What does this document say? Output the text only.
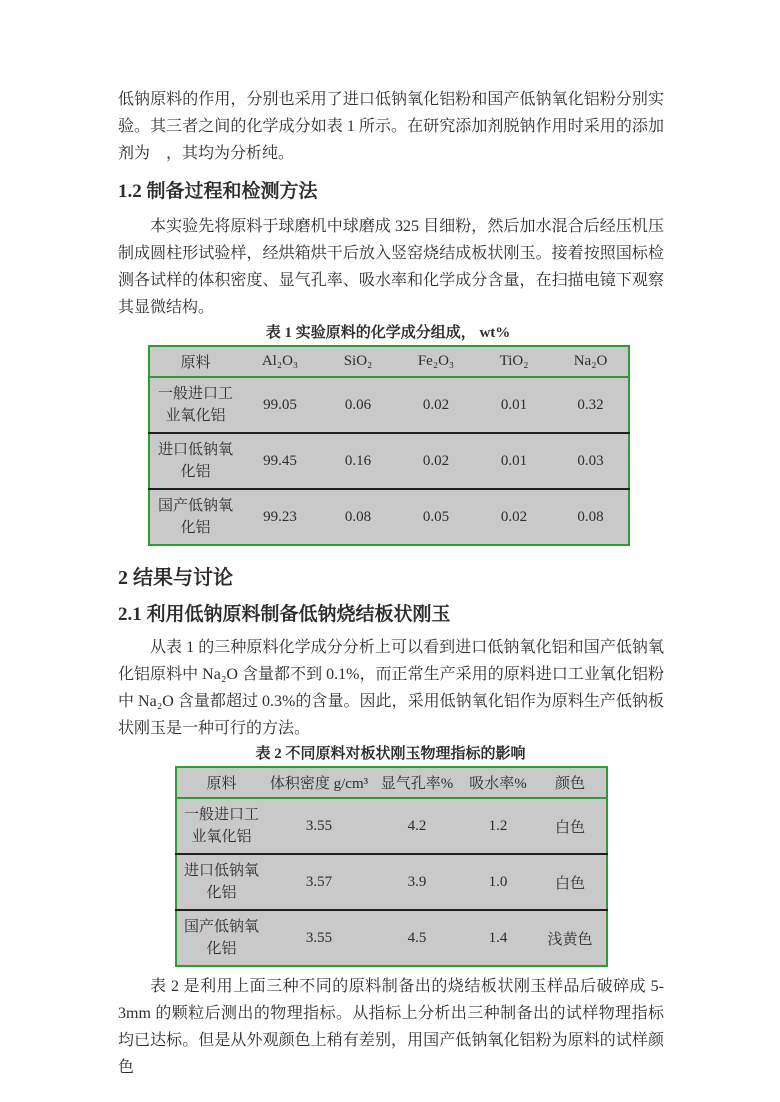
低钠原料的作用，分别也采用了进口低钠氧化铝粉和国产低钠氧化铝粉分别实验。其三者之间的化学成分如表 1 所示。在研究添加剂脱钠作用时采用的添加剂为　，其均为分析纯。

1.2 制备过程和检测方法

本实验先将原料于球磨机中球磨成 325 目细粉，然后加水混合后经压机压制成圆柱形试验样，经烘箱烘干后放入竖窑烧结成板状刚玉。接着按照国标检测各试样的体积密度、显气孔率、吸水率和化学成分含量，在扫描电镜下观察其显微结构。

表 1 实验原料的化学成分组成， wt%
原料	Al₂O₃	SiO₂	Fe₂O₃	TiO₂	Na₂O
一般进口工业氧化铝	99.05	0.06	0.02	0.01	0.32
进口低钠氧化铝	99.45	0.16	0.02	0.01	0.03
国产低钠氧化铝	99.23	0.08	0.05	0.02	0.08
2 结果与讨论
2.1 利用低钠原料制备低钠烧结板状刚玉

从表 1 的三种原料化学成分分析上可以看到进口低钠氧化铝和国产低钠氧化铝原料中 Na₂O 含量都不到 0.1%，而正常生产采用的原料进口工业氧化铝粉中 Na₂O 含量都超过 0.3%的含量。因此，采用低钠氧化铝作为原料生产低钠板状刚玉是一种可行的方法。

表 2 不同原料对板状刚玉物理指标的影响
原料	体积密度 g/cm³	显气孔率%	吸水率%	颜色
一般进口工业氧化铝	3.55	4.2	1.2	白色
进口低钠氧化铝	3.57	3.9	1.0	白色
国产低钠氧化铝	3.55	4.5	1.4	浅黄色

表 2 是利用上面三种不同的原料制备出的烧结板状刚玉样品后破碎成 5-3mm 的颗粒后测出的物理指标。从指标上分析出三种制备出的试样物理指标均已达标。但是从外观颜色上稍有差别，用国产低钠氧化铝粉为原料的试样颜色
